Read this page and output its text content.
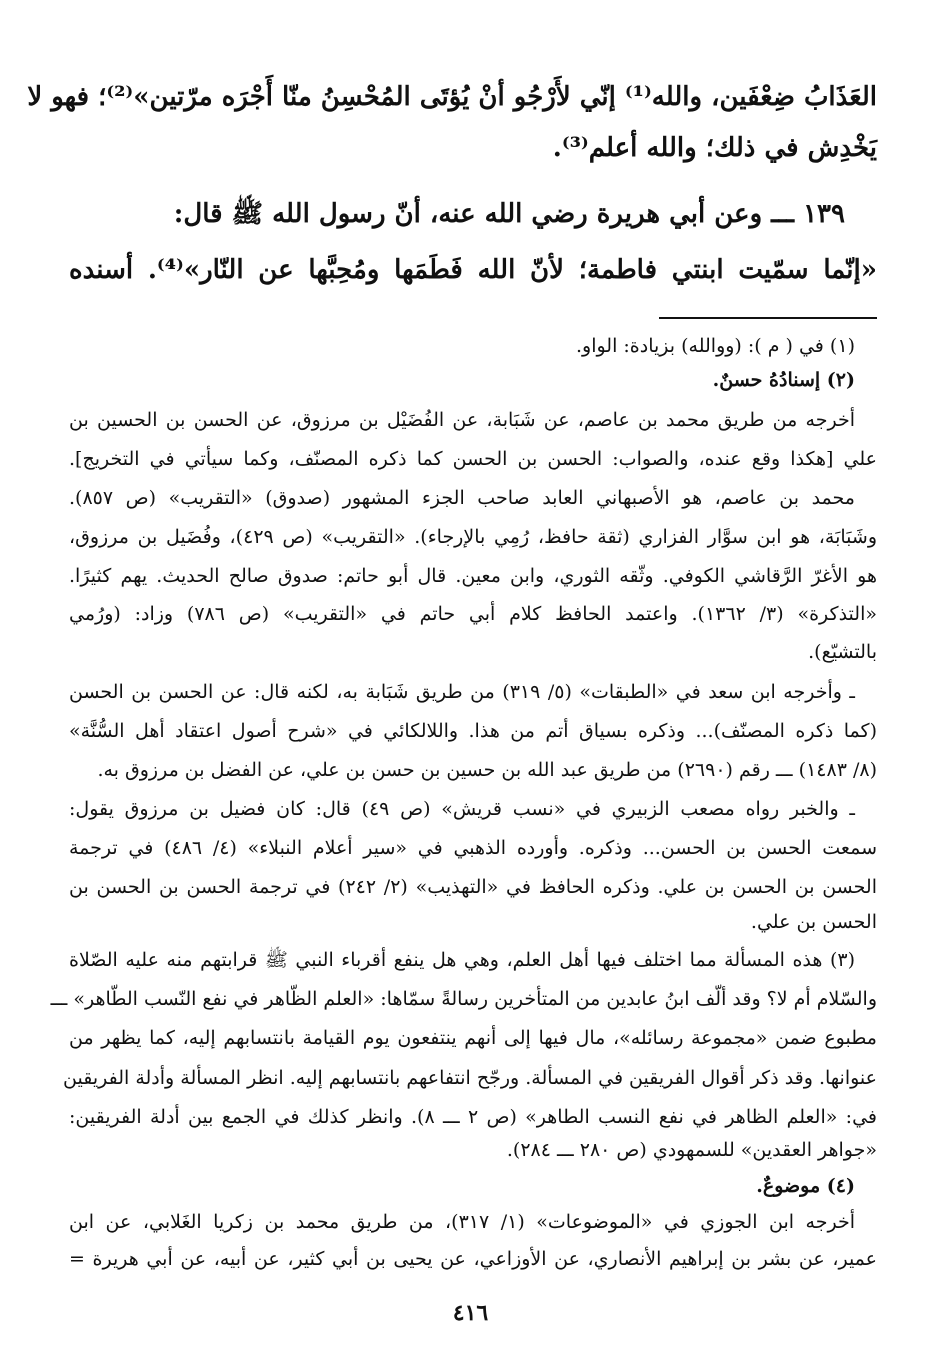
العَذَابُ ضِعْفَين، والله⁽¹⁾ إنّي لأَرْجُو أنْ يُؤتَى المُحْسِنُ منّا أَجْرَه مرّتين»⁽²⁾؛ فهو لا
يَخْدِش في ذلك؛ والله أعلم⁽³⁾.
١٣٩ ـــ وعن أبي هريرة رضي الله عنه، أنّ رسول الله ﷺ قال:
«إنّما سمّيت ابنتي فاطمة؛ لأنّ الله فَطَمَها ومُحِبَّها عن النّار»⁽⁴⁾. أسنده
(١) في ( م ): (ووالله) بزيادة: الواو.
(٢) إسنادُهُ حسنٌ.
أخرجه من طريق محمد بن عاصم، عن شَبَابة، عن الفُضَيْل بن مرزوق، عن الحسن بن الحسين بن
علي [هكذا وقع عنده، والصواب: الحسن بن الحسن كما ذكره المصنّف، وكما سيأتي في التخريج].
محمد بن عاصم، هو الأصبهاني العابد صاحب الجزء المشهور (صدوق) «التقريب» (ص ٨٥٧).
وشَبَابَة، هو ابن سوَّار الفزاري (ثقة حافظ، رُمِي بالإرجاء). «التقريب» (ص ٤٢٩)، وفُضَيل بن مرزوق،
هو الأغرّ الرَّقاشي الكوفي. وثّقه الثوري، وابن معين. قال أبو حاتم: صدوق صالح الحديث. يهم كثيرًا.
«التذكرة» (٣/ ١٣٦٢). واعتمد الحافظ كلام أبي حاتم في «التقريب» (ص ٧٨٦) وزاد: (ورُمي
بالتشيّع).
ـ وأخرجه ابن سعد في «الطبقات» (٥/ ٣١٩) من طريق شَبَابة به، لكنه قال: عن الحسن بن الحسن
(كما ذكره المصنّف)... وذكره بسياق أتم من هذا. واللالكائي في «شرح أصول اعتقاد أهل السُّنَّة»
(٨/ ١٤٨٣) ـــ رقم (٢٦٩٠) من طريق عبد الله بن حسين بن حسن بن علي، عن الفضل بن مرزوق به.
ـ والخبر رواه مصعب الزبيري في «نسب قريش» (ص ٤٩) قال: كان فضيل بن مرزوق يقول:
سمعت الحسن بن الحسن... وذكره. وأورده الذهبي في «سير أعلام النبلاء» (٤/ ٤٨٦) في ترجمة
الحسن بن الحسن بن علي. وذكره الحافظ في «التهذيب» (٢/ ٢٤٢) في ترجمة الحسن بن الحسن بن
الحسن بن علي.
(٣) هذه المسألة مما اختلف فيها أهل العلم، وهي هل ينفع أقرباء النبي ﷺ قرابتهم منه عليه الصّلاة
والسّلام أم لا؟ وقد ألّف ابنُ عابدين من المتأخرين رسالةً سمّاها: «العلم الظّاهر في نفع النّسب الطّاهر» ـــ
مطبوع ضمن «مجموعة رسائله»، مال فيها إلى أنهم ينتفعون يوم القيامة بانتسابهم إليه، كما يظهر من
عنوانها. وقد ذكر أقوال الفريقين في المسألة. ورجّح انتفاعهم بانتسابهم إليه. انظر المسألة وأدلة الفريقين
في: «العلم الظاهر في نفع النسب الطاهر» (ص ٢ ـــ ٨). وانظر كذلك في الجمع بين أدلة الفريقين:
«جواهر العقدين» للسمهودي (ص ٢٨٠ ـــ ٢٨٤).
(٤) موضوعٌ.
أخرجه ابن الجوزي في «الموضوعات» (١/ ٣١٧)، من طريق محمد بن زكريا الغَلابي، عن ابن
عمير، عن بشر بن إبراهيم الأنصاري، عن الأوزاعي، عن يحيى بن أبي كثير، عن أبيه، عن أبي هريرة =
٤١٦
